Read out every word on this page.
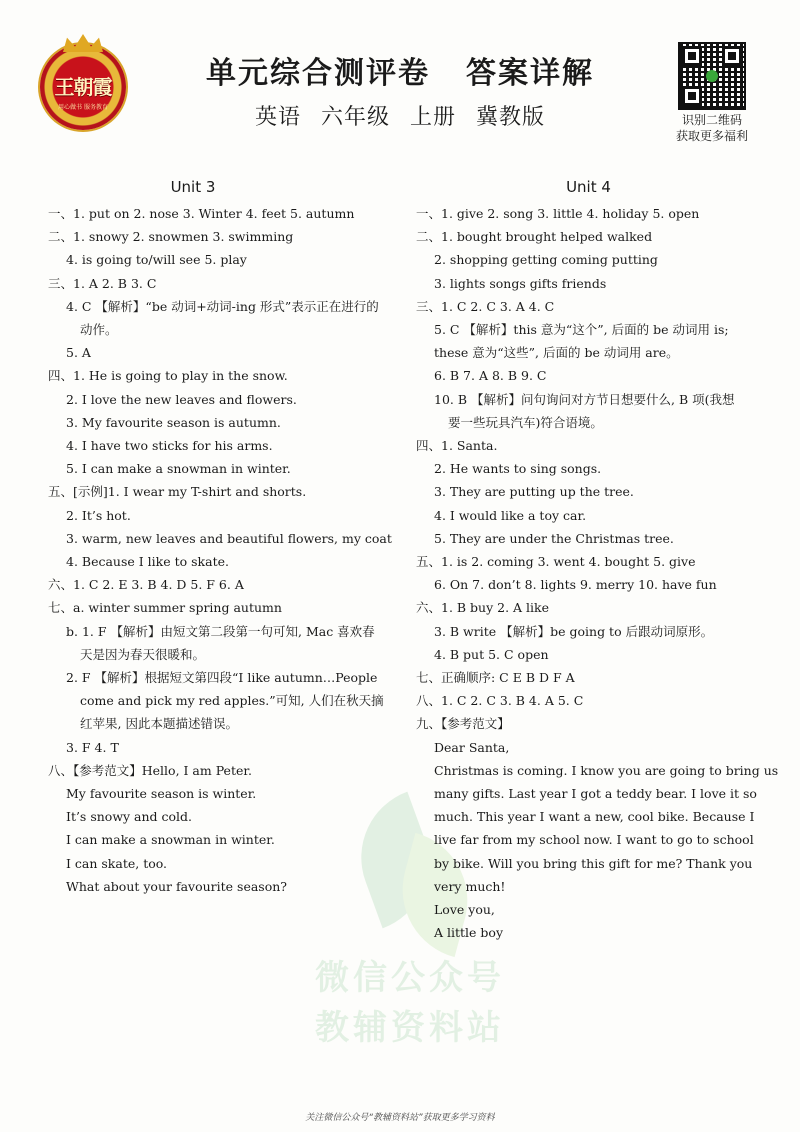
王朝霞
用心做书 服务教育
单元综合测评卷 答案详解
英语 六年级 上册 冀教版	识别二维码
获取更多福利
微信公众号
教辅资料站
Unit 3
一、1. put on 2. nose 3. Winter 4. feet 5. autumn
二、1. snowy 2. snowmen 3. swimming
4. is going to/will see 5. play
三、1. A 2. B 3. C
4. C 【解析】“be 动词+动词-ing 形式”表示正在进行的
动作。
5. A
四、1. He is going to play in the snow.
2. I love the new leaves and flowers.
3. My favourite season is autumn.
4. I have two sticks for his arms.
5. I can make a snowman in winter.
五、[示例]1. I wear my T-shirt and shorts.
2. It’s hot.
3. warm, new leaves and beautiful flowers, my coat
4. Because I like to skate.
六、1. C 2. E 3. B 4. D 5. F 6. A
七、a. winter summer spring autumn
b. 1. F 【解析】由短文第二段第一句可知, Mac 喜欢春
天是因为春天很暖和。
2. F 【解析】根据短文第四段“I like autumn…People
come and pick my red apples.”可知, 人们在秋天摘
红苹果, 因此本题描述错误。
3. F 4. T
八、【参考范文】Hello, I am Peter.
My favourite season is winter.
It’s snowy and cold.
I can make a snowman in winter.
I can skate, too.
What about your favourite season?
Unit 4
一、1. give 2. song 3. little 4. holiday 5. open
二、1. bought brought helped walked
2. shopping getting coming putting
3. lights songs gifts friends
三、1. C 2. C 3. A 4. C
5. C 【解析】this 意为“这个”, 后面的 be 动词用 is;
these 意为“这些”, 后面的 be 动词用 are。
6. B 7. A 8. B 9. C
10. B 【解析】问句询问对方节日想要什么, B 项(我想
要一些玩具汽车)符合语境。
四、1. Santa.
2. He wants to sing songs.
3. They are putting up the tree.
4. I would like a toy car.
5. They are under the Christmas tree.
五、1. is 2. coming 3. went 4. bought 5. give
6. On 7. don’t 8. lights 9. merry 10. have fun
六、1. B buy 2. A like
3. B write 【解析】be going to 后跟动词原形。
4. B put 5. C open
七、正确顺序: C E B D F A
八、1. C 2. C 3. B 4. A 5. C
九、【参考范文】
Dear Santa,
Christmas is coming. I know you are going to bring us
many gifts. Last year I got a teddy bear. I love it so
much. This year I want a new, cool bike. Because I
live far from my school now. I want to go to school
by bike. Will you bring this gift for me? Thank you
very much!
Love you,
A little boy
关注微信公众号“教辅资料站”获取更多学习资料
